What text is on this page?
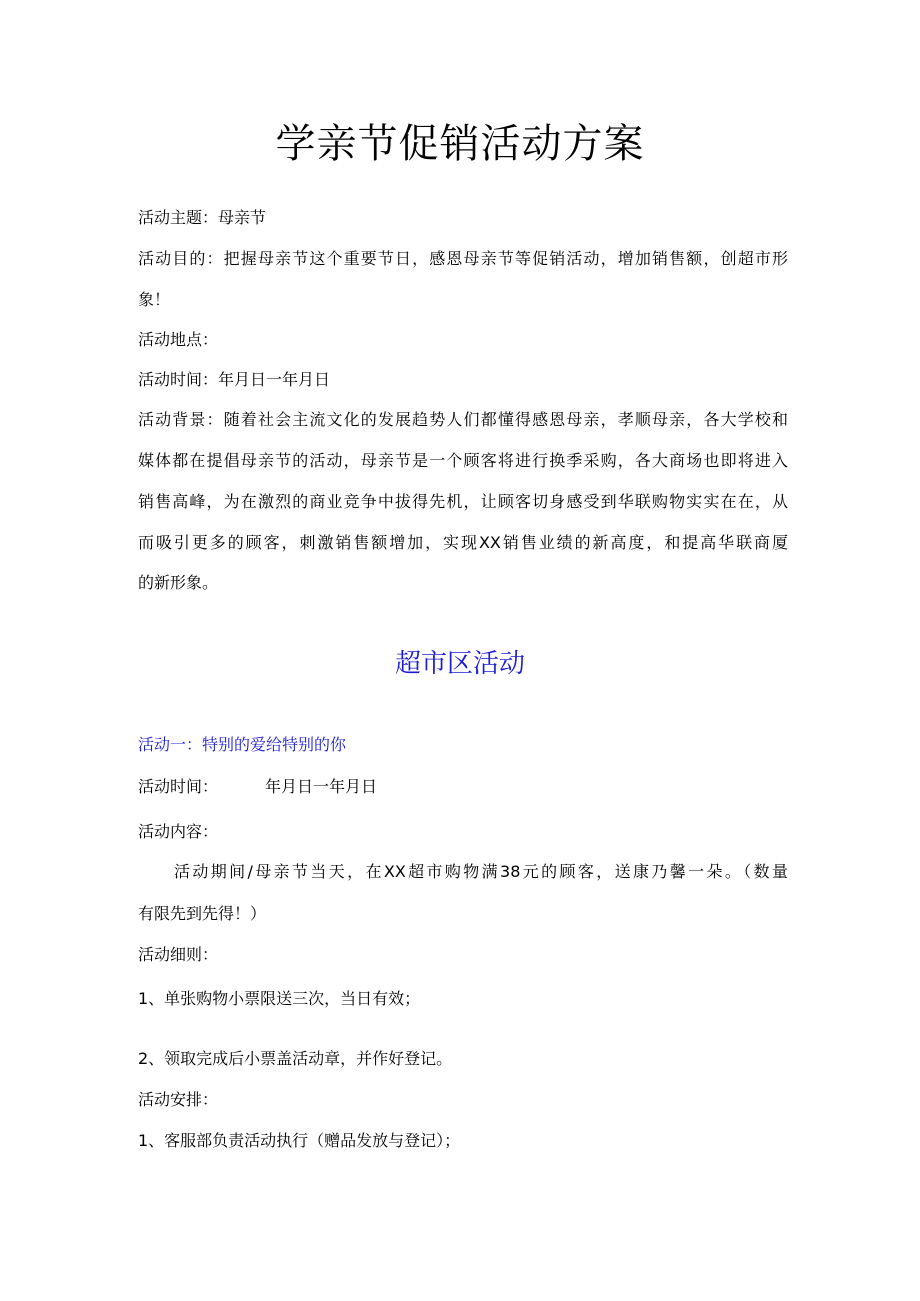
学亲节促销活动方案
活动主题：母亲节
活动目的：把握母亲节这个重要节日，感恩母亲节等促销活动，增加销售额，创超市形
象！
活动地点：
活动时间：年月日一年月日
活动背景：随着社会主流文化的发展趋势人们都懂得感恩母亲，孝顺母亲，各大学校和
媒体都在提倡母亲节的活动，母亲节是一个顾客将进行换季采购，各大商场也即将进入
销售高峰，为在激烈的商业竞争中拔得先机，让顾客切身感受到华联购物实实在在，从
而吸引更多的顾客，刺激销售额增加，实现XX销售业绩的新高度，和提高华联商厦
的新形象。
超市区活动
活动一：特别的爱给特别的你
活动时间：	年月日一年月日
活动内容：
活动期间/母亲节当天，在XX超市购物满38元的顾客，送康乃馨一朵。（数量
有限先到先得！）
活动细则：
1、单张购物小票限送三次，当日有效；
2、领取完成后小票盖活动章，并作好登记。
活动安排：
1、客服部负责活动执行（赠品发放与登记）；
